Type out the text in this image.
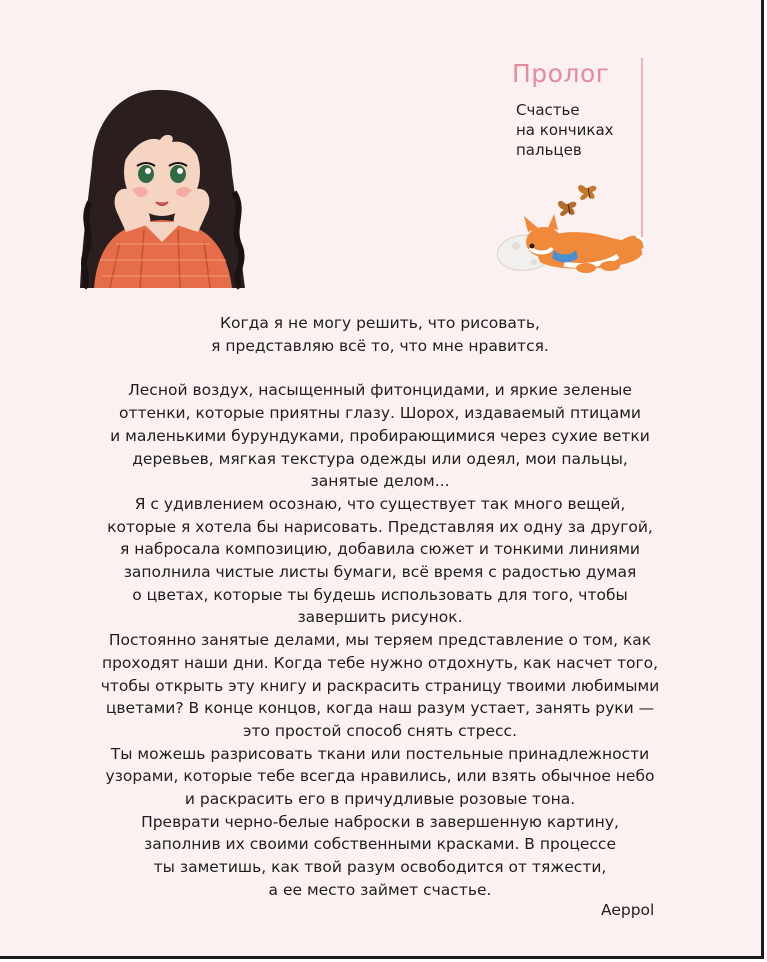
Пролог
Счастье
на кончиках
пальцев

Когда я не могу решить, что рисовать,
я представляю всё то, что мне нравится.

Лесной воздух, насыщенный фитонцидами, и яркие зеленые
оттенки, которые приятны глазу. Шорох, издаваемый птицами
и маленькими бурундуками, пробирающимися через сухие ветки
деревьев, мягкая текстура одежды или одеял, мои пальцы,
занятые делом...
Я с удивлением осознаю, что существует так много вещей,
которые я хотела бы нарисовать. Представляя их одну за другой,
я набросала композицию, добавила сюжет и тонкими линиями
заполнила чистые листы бумаги, всё время с радостью думая
о цветах, которые ты будешь использовать для того, чтобы
завершить рисунок.
Постоянно занятые делами, мы теряем представление о том, как
проходят наши дни. Когда тебе нужно отдохнуть, как насчет того,
чтобы открыть эту книгу и раскрасить страницу твоими любимыми
цветами? В конце концов, когда наш разум устает, занять руки —
это простой способ снять стресс.
Ты можешь разрисовать ткани или постельные принадлежности
узорами, которые тебе всегда нравились, или взять обычное небо
и раскрасить его в причудливые розовые тона.
Преврати черно-белые наброски в завершенную картину,
заполнив их своими собственными красками. В процессе
ты заметишь, как твой разум освободится от тяжести,
а ее место займет счастье.

Aeppol
